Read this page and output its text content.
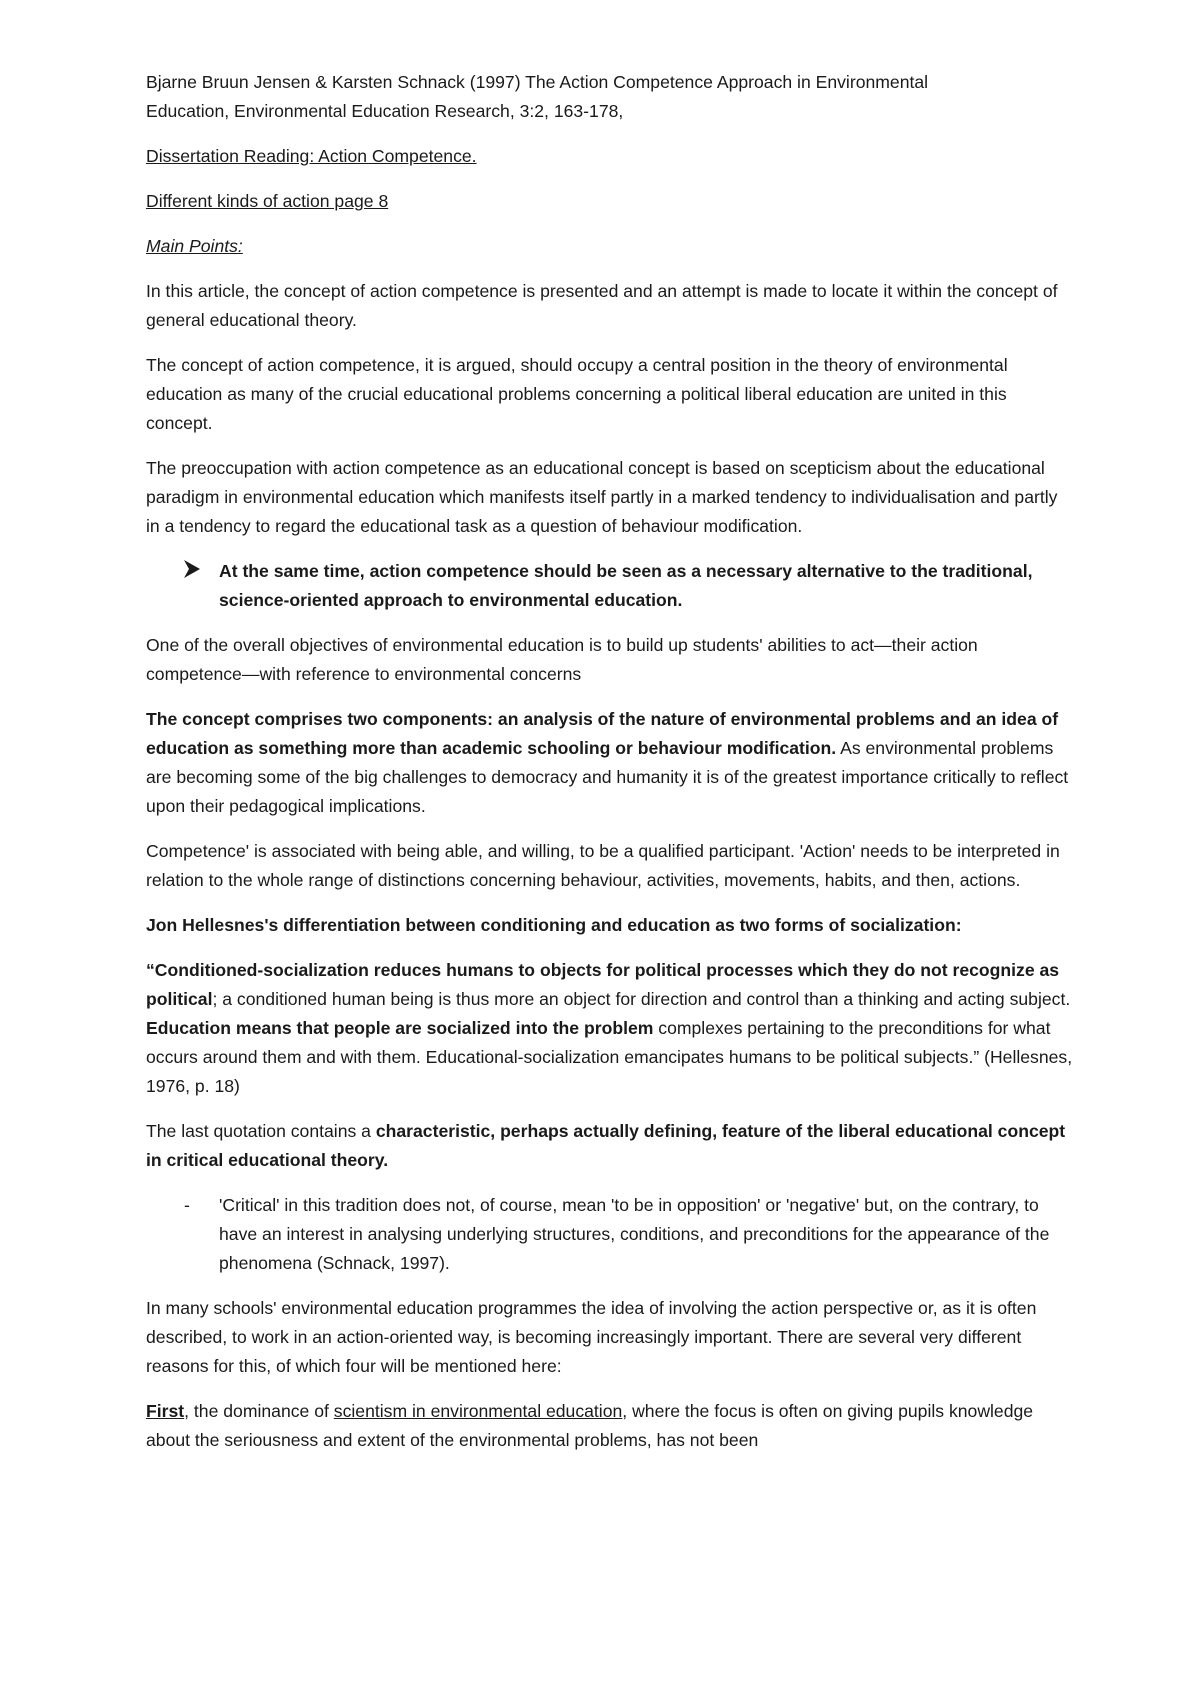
Bjarne Bruun Jensen & Karsten Schnack (1997) The Action Competence Approach in Environmental
Education, Environmental Education Research, 3:2, 163-178,

Dissertation Reading: Action Competence.

Different kinds of action page 8

Main Points:

In this article, the concept of action competence is presented and an attempt is made to locate it within the concept of general educational theory.

The concept of action competence, it is argued, should occupy a central position in the theory of environmental education as many of the crucial educational problems concerning a political liberal education are united in this concept.

The preoccupation with action competence as an educational concept is based on scepticism about the educational paradigm in environmental education which manifests itself partly in a marked tendency to individualisation and partly in a tendency to regard the educational task as a question of behaviour modification.

At the same time, action competence should be seen as a necessary alternative to the traditional, science-oriented approach to environmental education.

One of the overall objectives of environmental education is to build up students' abilities to act—their action competence—with reference to environmental concerns

The concept comprises two components: an analysis of the nature of environmental problems and an idea of education as something more than academic schooling or behaviour modification. As environmental problems are becoming some of the big challenges to democracy and humanity it is of the greatest importance critically to reflect upon their pedagogical implications.

Competence' is associated with being able, and willing, to be a qualified participant. 'Action' needs to be interpreted in relation to the whole range of distinctions concerning behaviour, activities, movements, habits, and then, actions.

Jon Hellesnes's differentiation between conditioning and education as two forms of socialization:

“Conditioned-socialization reduces humans to objects for political processes which they do not recognize as political; a conditioned human being is thus more an object for direction and control than a thinking and acting subject. Education means that people are socialized into the problem complexes pertaining to the preconditions for what occurs around them and with them. Educational-socialization emancipates humans to be political subjects.” (Hellesnes, 1976, p. 18)

The last quotation contains a characteristic, perhaps actually defining, feature of the liberal educational concept in critical educational theory.

- 'Critical' in this tradition does not, of course, mean 'to be in opposition' or 'negative' but, on the contrary, to have an interest in analysing underlying structures, conditions, and preconditions for the appearance of the phenomena (Schnack, 1997).

In many schools' environmental education programmes the idea of involving the action perspective or, as it is often described, to work in an action-oriented way, is becoming increasingly important. There are several very different reasons for this, of which four will be mentioned here:

First, the dominance of scientism in environmental education, where the focus is often on giving pupils knowledge about the seriousness and extent of the environmental problems, has not been
